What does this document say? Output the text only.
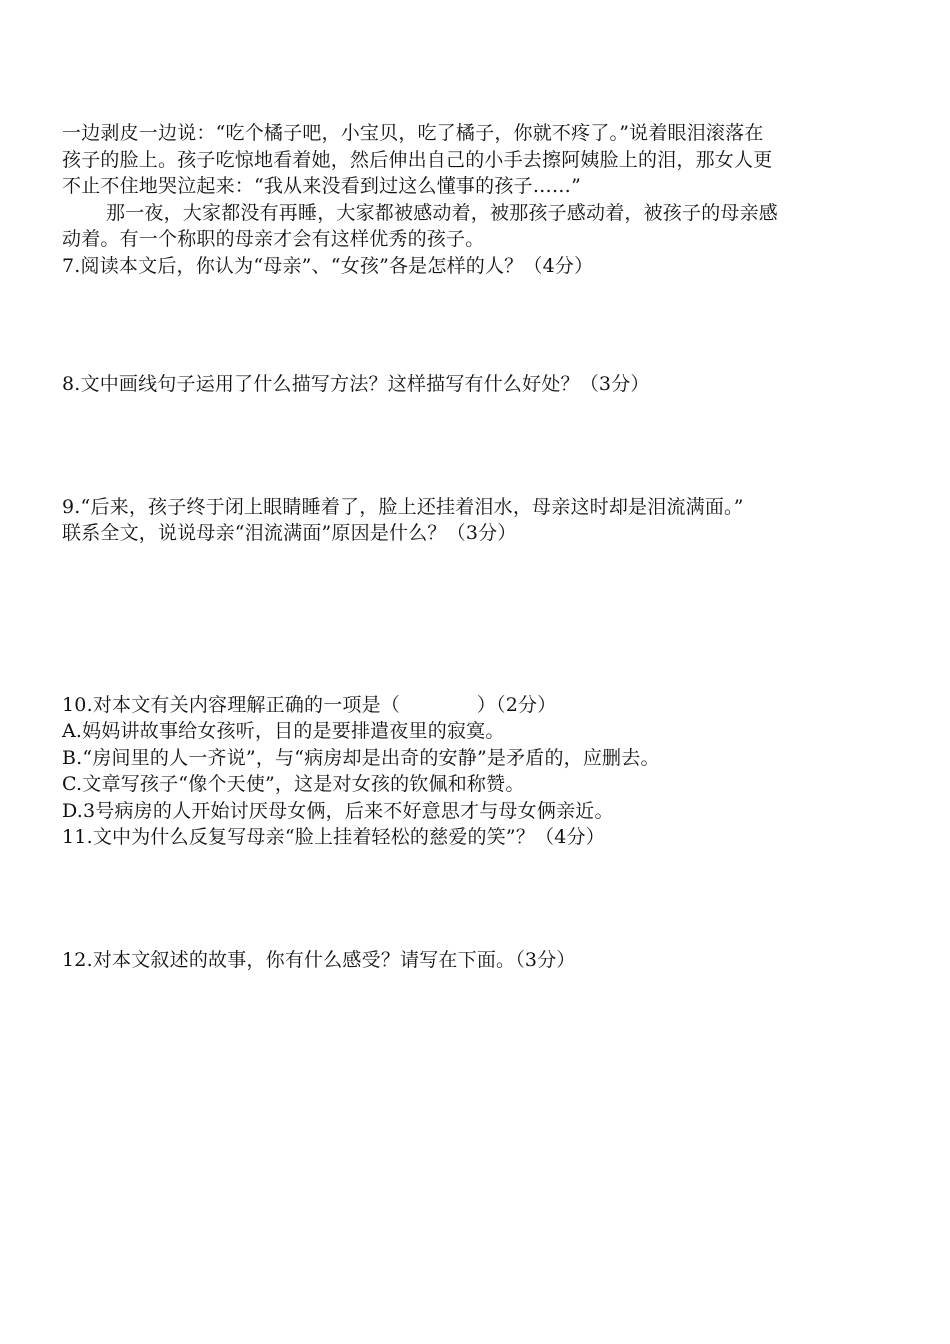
一边剥皮一边说：“吃个橘子吧，小宝贝，吃了橘子，你就不疼了。”说着眼泪滚落在
孩子的脸上。孩子吃惊地看着她，然后伸出自己的小手去擦阿姨脸上的泪，那女人更
不止不住地哭泣起来：“我从来没看到过这么懂事的孩子……”
那一夜，大家都没有再睡，大家都被感动着，被那孩子感动着，被孩子的母亲感
动着。有一个称职的母亲才会有这样优秀的孩子。
7.阅读本文后，你认为“母亲”、“女孩”各是怎样的人？（4分）
8.文中画线句子运用了什么描写方法？这样描写有什么好处？（3分）
9.“后来，孩子终于闭上眼睛睡着了，脸上还挂着泪水，母亲这时却是泪流满面。”
联系全文，说说母亲“泪流满面”原因是什么？（3分）
10.对本文有关内容理解正确的一项是（　　　　）（2分）
A.妈妈讲故事给女孩听，目的是要排遣夜里的寂寞。
B.“房间里的人一齐说”，与“病房却是出奇的安静”是矛盾的，应删去。
C.文章写孩子“像个天使”，这是对女孩的钦佩和称赞。
D.3号病房的人开始讨厌母女俩，后来不好意思才与母女俩亲近。
11.文中为什么反复写母亲“脸上挂着轻松的慈爱的笑”？（4分）
12.对本文叙述的故事，你有什么感受？请写在下面。（3分）
